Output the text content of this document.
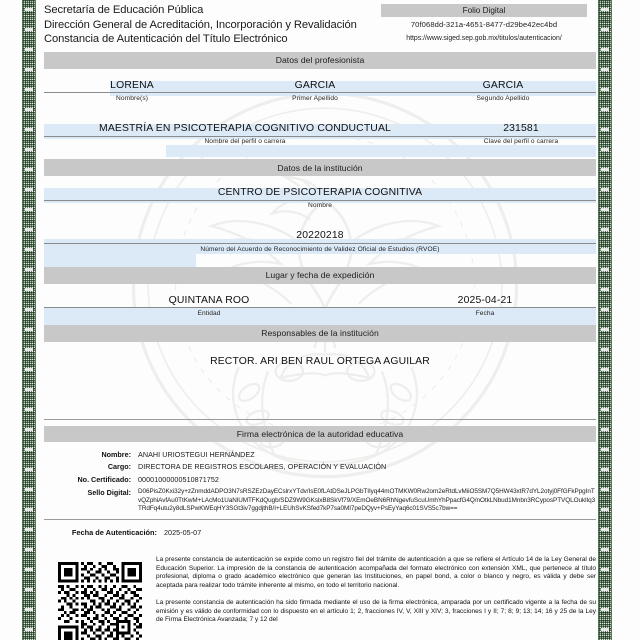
Secretaría de Educación Pública
Dirección General de Acreditación, Incorporación y Revalidación
Constancia de Autenticación del Título Electrónico
Folio Digital
70f068dd-321a-4651-8477-d29be42ec4bd
https://www.siged.sep.gob.mx/titulos/autenticacion/
Datos del profesionista
LORENA
Nombre(s)
GARCIA
Primer Apellido
GARCIA
Segundo Apellido
MAESTRÍA EN PSICOTERAPIA COGNITIVO CONDUCTUAL
Nombre del perfil o carrera
231581
Clave del perfil o carrera
Datos de la institución
CENTRO DE PSICOTERAPIA COGNITIVA
Nombre
20220218
Número del Acuerdo de Reconocimiento de Validez Oficial de Estudios (RVOE)
Lugar y fecha de expedición
QUINTANA ROO
Entidad
2025-04-21
Fecha
Responsables de la institución
RECTOR. ARI BEN RAUL ORTEGA AGUILAR
Firma electrónica de la autoridad educativa
Nombre: ANAHI URIOSTEGUI HERNÁNDEZ
Cargo: DIRECTORA DE REGISTROS ESCOLARES, OPERACIÓN Y EVALUACIÓN
No. Certificado: 00001000000510871752
Sello Digital:	D06PisZ0Kxi32y+zZnmddADPO3N7sRSZEzDayECslrxYTdv/IsE0fLAtDSeJLPGbTIIyq44mOTMKW0Rw2om2eRtdLvMiiO5SM7Q5HW43xtR7dYL2otyj0FfGFkPpgInTvQZphlAvfAu0TtKwM+LAcMo1UaNlUMTFKdQugb/SDZ9W9GKslxB8SkVf79/XEmOeBN6RhNgevfuScuUmhYhPpacfG4Q/nOtkLNbud1Mnbn3RCyposPTVQLOuklIq3TRdFq4utu2y8dLSPwKWEqHY3SGt3iv7ggdjthB/I+LEUhSvKSfed7kP7sa0MI7peDQyv+PsEyYaq6c01SVS5c7bw==
Fecha de Autenticación: 2025-05-07

La presente constancia de autenticación se expide como un registro fiel del trámite de autenticación a que se refiere el Artículo 14 de la Ley General de Educación Superior. La impresión de la constancia de autenticación acompañada del formato electrónico con extensión XML, que pertenece al título profesional, diploma o grado académico electrónico que generan las Instituciones, en papel bond, a color o blanco y negro, es válida y debe ser aceptada para realizar todo trámite inherente al mismo, en todo el territorio nacional.

La presente constancia de autenticación ha sido firmada mediante el uso de la firma electrónica, amparada por un certificado vigente a la fecha de su emisión y es válido de conformidad con lo dispuesto en el artículo 1; 2, fracciones IV, V, XIII y XIV; 3, fracciones I y II; 7; 8; 9; 13; 14; 16 y 25 de la Ley de Firma Electrónica Avanzada; 7 y 12 del
